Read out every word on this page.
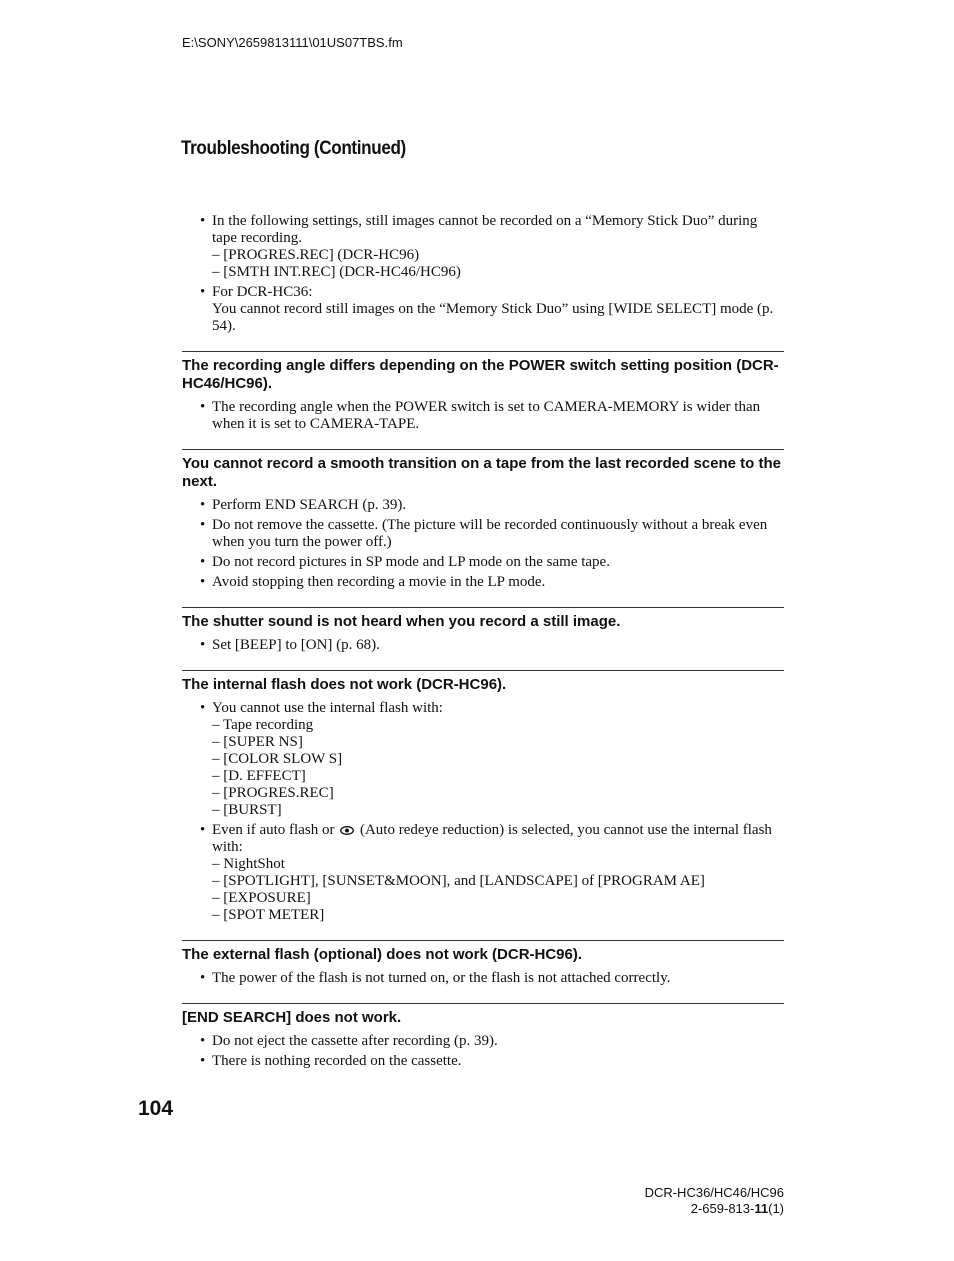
E:\SONY\2659813111\01US07TBS.fm
Troubleshooting (Continued)
• In the following settings, still images cannot be recorded on a “Memory Stick Duo” during tape recording.
– [PROGRES.REC] (DCR-HC96)
– [SMTH INT.REC] (DCR-HC46/HC96)
• For DCR-HC36:
You cannot record still images on the “Memory Stick Duo” using [WIDE SELECT] mode (p. 54).
The recording angle differs depending on the POWER switch setting position (DCR-HC46/HC96).
• The recording angle when the POWER switch is set to CAMERA-MEMORY is wider than when it is set to CAMERA-TAPE.
You cannot record a smooth transition on a tape from the last recorded scene to the next.
• Perform END SEARCH (p. 39).
• Do not remove the cassette. (The picture will be recorded continuously without a break even when you turn the power off.)
• Do not record pictures in SP mode and LP mode on the same tape.
• Avoid stopping then recording a movie in the LP mode.
The shutter sound is not heard when you record a still image.
• Set [BEEP] to [ON] (p. 68).
The internal flash does not work (DCR-HC96).
• You cannot use the internal flash with:
– Tape recording
– [SUPER NS]
– [COLOR SLOW S]
– [D. EFFECT]
– [PROGRES.REC]
– [BURST]
• Even if auto flash or (Auto redeye reduction) is selected, you cannot use the internal flash with:
– NightShot
– [SPOTLIGHT], [SUNSET&MOON], and [LANDSCAPE] of [PROGRAM AE]
– [EXPOSURE]
– [SPOT METER]
The external flash (optional) does not work (DCR-HC96).
• The power of the flash is not turned on, or the flash is not attached correctly.
[END SEARCH] does not work.
• Do not eject the cassette after recording (p. 39).
• There is nothing recorded on the cassette.
104
DCR-HC36/HC46/HC96
2-659-813-11(1)
